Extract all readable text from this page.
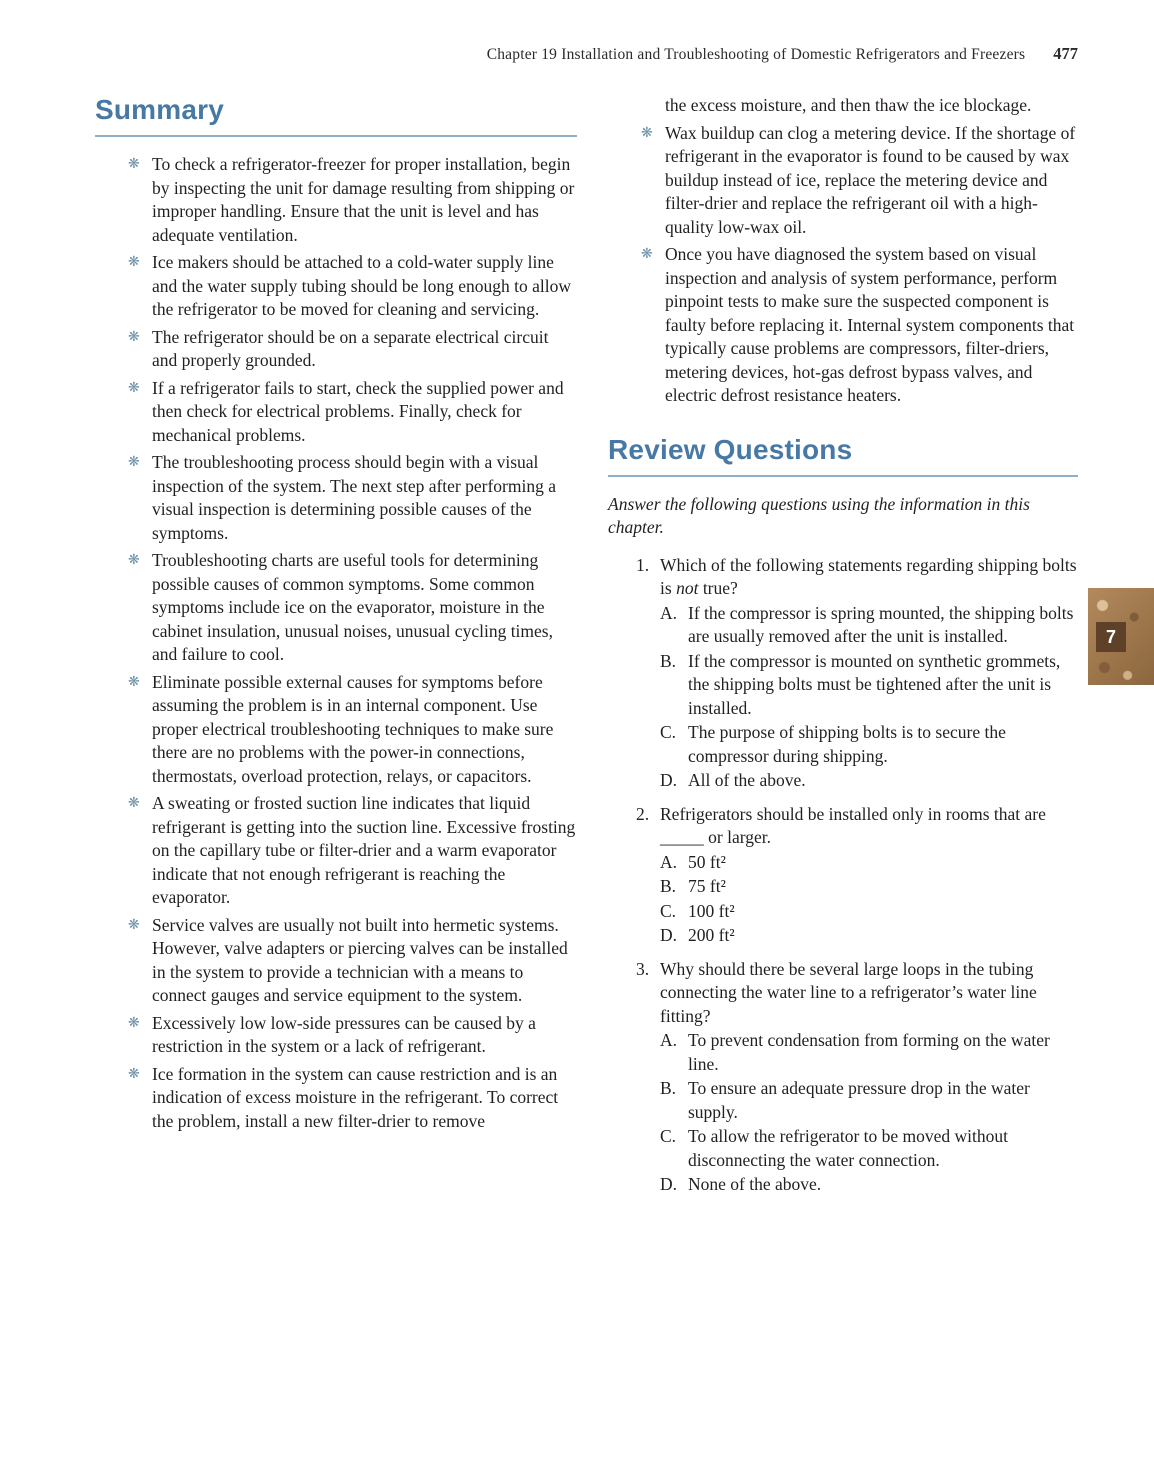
Chapter 19 Installation and Troubleshooting of Domestic Refrigerators and Freezers 477
Summary
❋ To check a refrigerator-freezer for proper installation, begin by inspecting the unit for damage resulting from shipping or improper handling. Ensure that the unit is level and has adequate ventilation.
❋ Ice makers should be attached to a cold-water supply line and the water supply tubing should be long enough to allow the refrigerator to be moved for cleaning and servicing.
❋ The refrigerator should be on a separate electrical circuit and properly grounded.
❋ If a refrigerator fails to start, check the supplied power and then check for electrical problems. Finally, check for mechanical problems.
❋ The troubleshooting process should begin with a visual inspection of the system. The next step after performing a visual inspection is determining possible causes of the symptoms.
❋ Troubleshooting charts are useful tools for determining possible causes of common symptoms. Some common symptoms include ice on the evaporator, moisture in the cabinet insulation, unusual noises, unusual cycling times, and failure to cool.
❋ Eliminate possible external causes for symptoms before assuming the problem is in an internal component. Use proper electrical troubleshooting techniques to make sure there are no problems with the power-in connections, thermostats, overload protection, relays, or capacitors.
❋ A sweating or frosted suction line indicates that liquid refrigerant is getting into the suction line. Excessive frosting on the capillary tube or filter-drier and a warm evaporator indicate that not enough refrigerant is reaching the evaporator.
❋ Service valves are usually not built into hermetic systems. However, valve adapters or piercing valves can be installed in the system to provide a technician with a means to connect gauges and service equipment to the system.
❋ Excessively low low-side pressures can be caused by a restriction in the system or a lack of refrigerant.
❋ Ice formation in the system can cause restriction and is an indication of excess moisture in the refrigerant. To correct the problem, install a new filter-drier to remove

the excess moisture, and then thaw the ice blockage.

❋ Wax buildup can clog a metering device. If the shortage of refrigerant in the evaporator is found to be caused by wax buildup instead of ice, replace the metering device and filter-drier and replace the refrigerant oil with a high-quality low-wax oil.
❋ Once you have diagnosed the system based on visual inspection and analysis of system performance, perform pinpoint tests to make sure the suspected component is faulty before replacing it. Internal system components that typically cause problems are compressors, filter-driers, metering devices, hot-gas defrost bypass valves, and electric defrost resistance heaters.
Review Questions

Answer the following questions using the information in this chapter.

1. Which of the following statements regarding shipping bolts is not true?
A. If the compressor is spring mounted, the shipping bolts are usually removed after the unit is installed.
B. If the compressor is mounted on synthetic grommets, the shipping bolts must be tightened after the unit is installed.
C. The purpose of shipping bolts is to secure the compressor during shipping.
D. All of the above.
2. Refrigerators should be installed only in rooms that are _____ or larger.
A. 50 ft²
B. 75 ft²
C. 100 ft²
D. 200 ft²
3. Why should there be several large loops in the tubing connecting the water line to a refrigerator’s water line fitting?
A. To prevent condensation from forming on the water line.
B. To ensure an adequate pressure drop in the water supply.
C. To allow the refrigerator to be moved without disconnecting the water connection.
D. None of the above.
7
